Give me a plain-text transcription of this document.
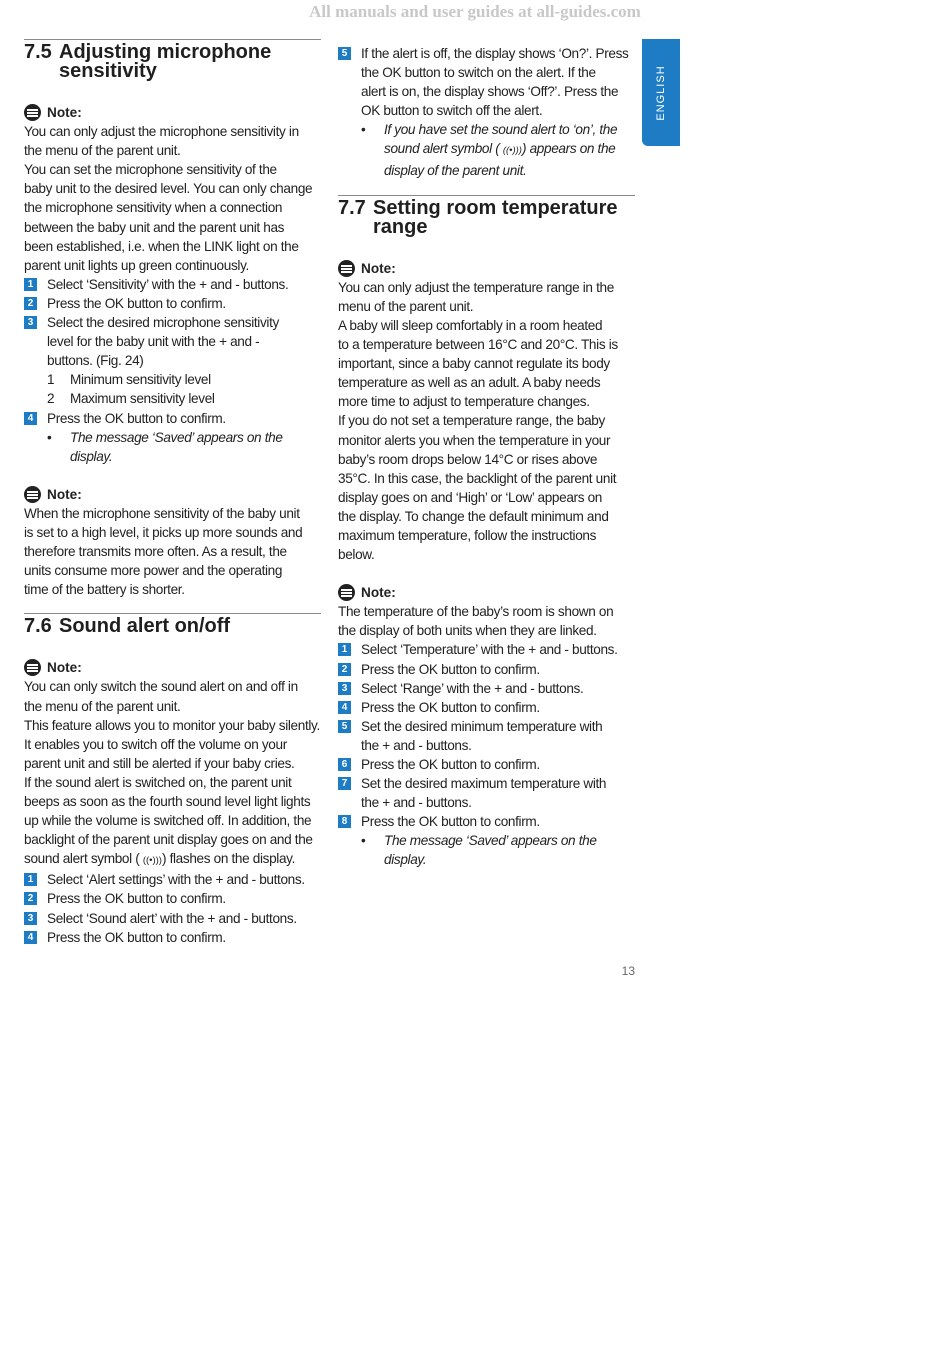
All manuals and user guides at all-guides.com
7.5 Adjusting microphone
sensitivity
Note:
You can only adjust the microphone sensitivity in
the menu of the parent unit.
You can set the microphone sensitivity of the
baby unit to the desired level. You can only change
the microphone sensitivity when a connection
between the baby unit and the parent unit has
been established, i.e. when the LINK light on the
parent unit lights up green continuously.
1 Select ‘Sensitivity’ with the + and - buttons.
2 Press the OK button to confirm.
3 Select the desired microphone sensitivity
level for the baby unit with the + and -
buttons. (Fig. 24)
1	Minimum sensitivity level
2	Maximum sensitivity level
4 Press the OK button to confirm.
•	The message ‘Saved’ appears on the display.
Note:
When the microphone sensitivity of the baby unit
is set to a high level, it picks up more sounds and
therefore transmits more often. As a result, the
units consume more power and the operating
time of the battery is shorter.
7.6 Sound alert on/off
Note:
You can only switch the sound alert on and off in
the menu of the parent unit.
This feature allows you to monitor your baby silently.
It enables you to switch off the volume on your
parent unit and still be alerted if your baby cries.
If the sound alert is switched on, the parent unit
beeps as soon as the fourth sound level light lights
up while the volume is switched off. In addition, the
backlight of the parent unit display goes on and the
sound alert symbol ( ((•)))) flashes on the display.
1 Select ‘Alert settings’ with the + and - buttons.
2 Press the OK button to confirm.
3 Select ‘Sound alert’ with the + and - buttons.
4 Press the OK button to confirm.
5 If the alert is off, the display shows ‘On?’. Press
the OK button to switch on the alert. If the
alert is on, the display shows ‘Off?’. Press the
OK button to switch off the alert.
•	If you have set the sound alert to ‘on’, the
sound alert symbol ( ((•)))) appears on the
display of the parent unit.
7.7 Setting room temperature
range
Note:
You can only adjust the temperature range in the
menu of the parent unit.
A baby will sleep comfortably in a room heated
to a temperature between 16°C and 20°C. This is
important, since a baby cannot regulate its body
temperature as well as an adult. A baby needs
more time to adjust to temperature changes.
If you do not set a temperature range, the baby
monitor alerts you when the temperature in your
baby’s room drops below 14°C or rises above
35°C. In this case, the backlight of the parent unit
display goes on and ‘High’ or ‘Low’ appears on
the display. To change the default minimum and
maximum temperature, follow the instructions
below.
Note:
The temperature of the baby’s room is shown on
the display of both units when they are linked.
1 Select ‘Temperature’ with the + and - buttons.
2 Press the OK button to confirm.
3 Select ‘Range’ with the + and - buttons.
4 Press the OK button to confirm.
5 Set the desired minimum temperature with
the + and - buttons.
6 Press the OK button to confirm.
7 Set the desired maximum temperature with
the + and - buttons.
8 Press the OK button to confirm.
•	The message ‘Saved’ appears on the display.
ENGLISH
13
